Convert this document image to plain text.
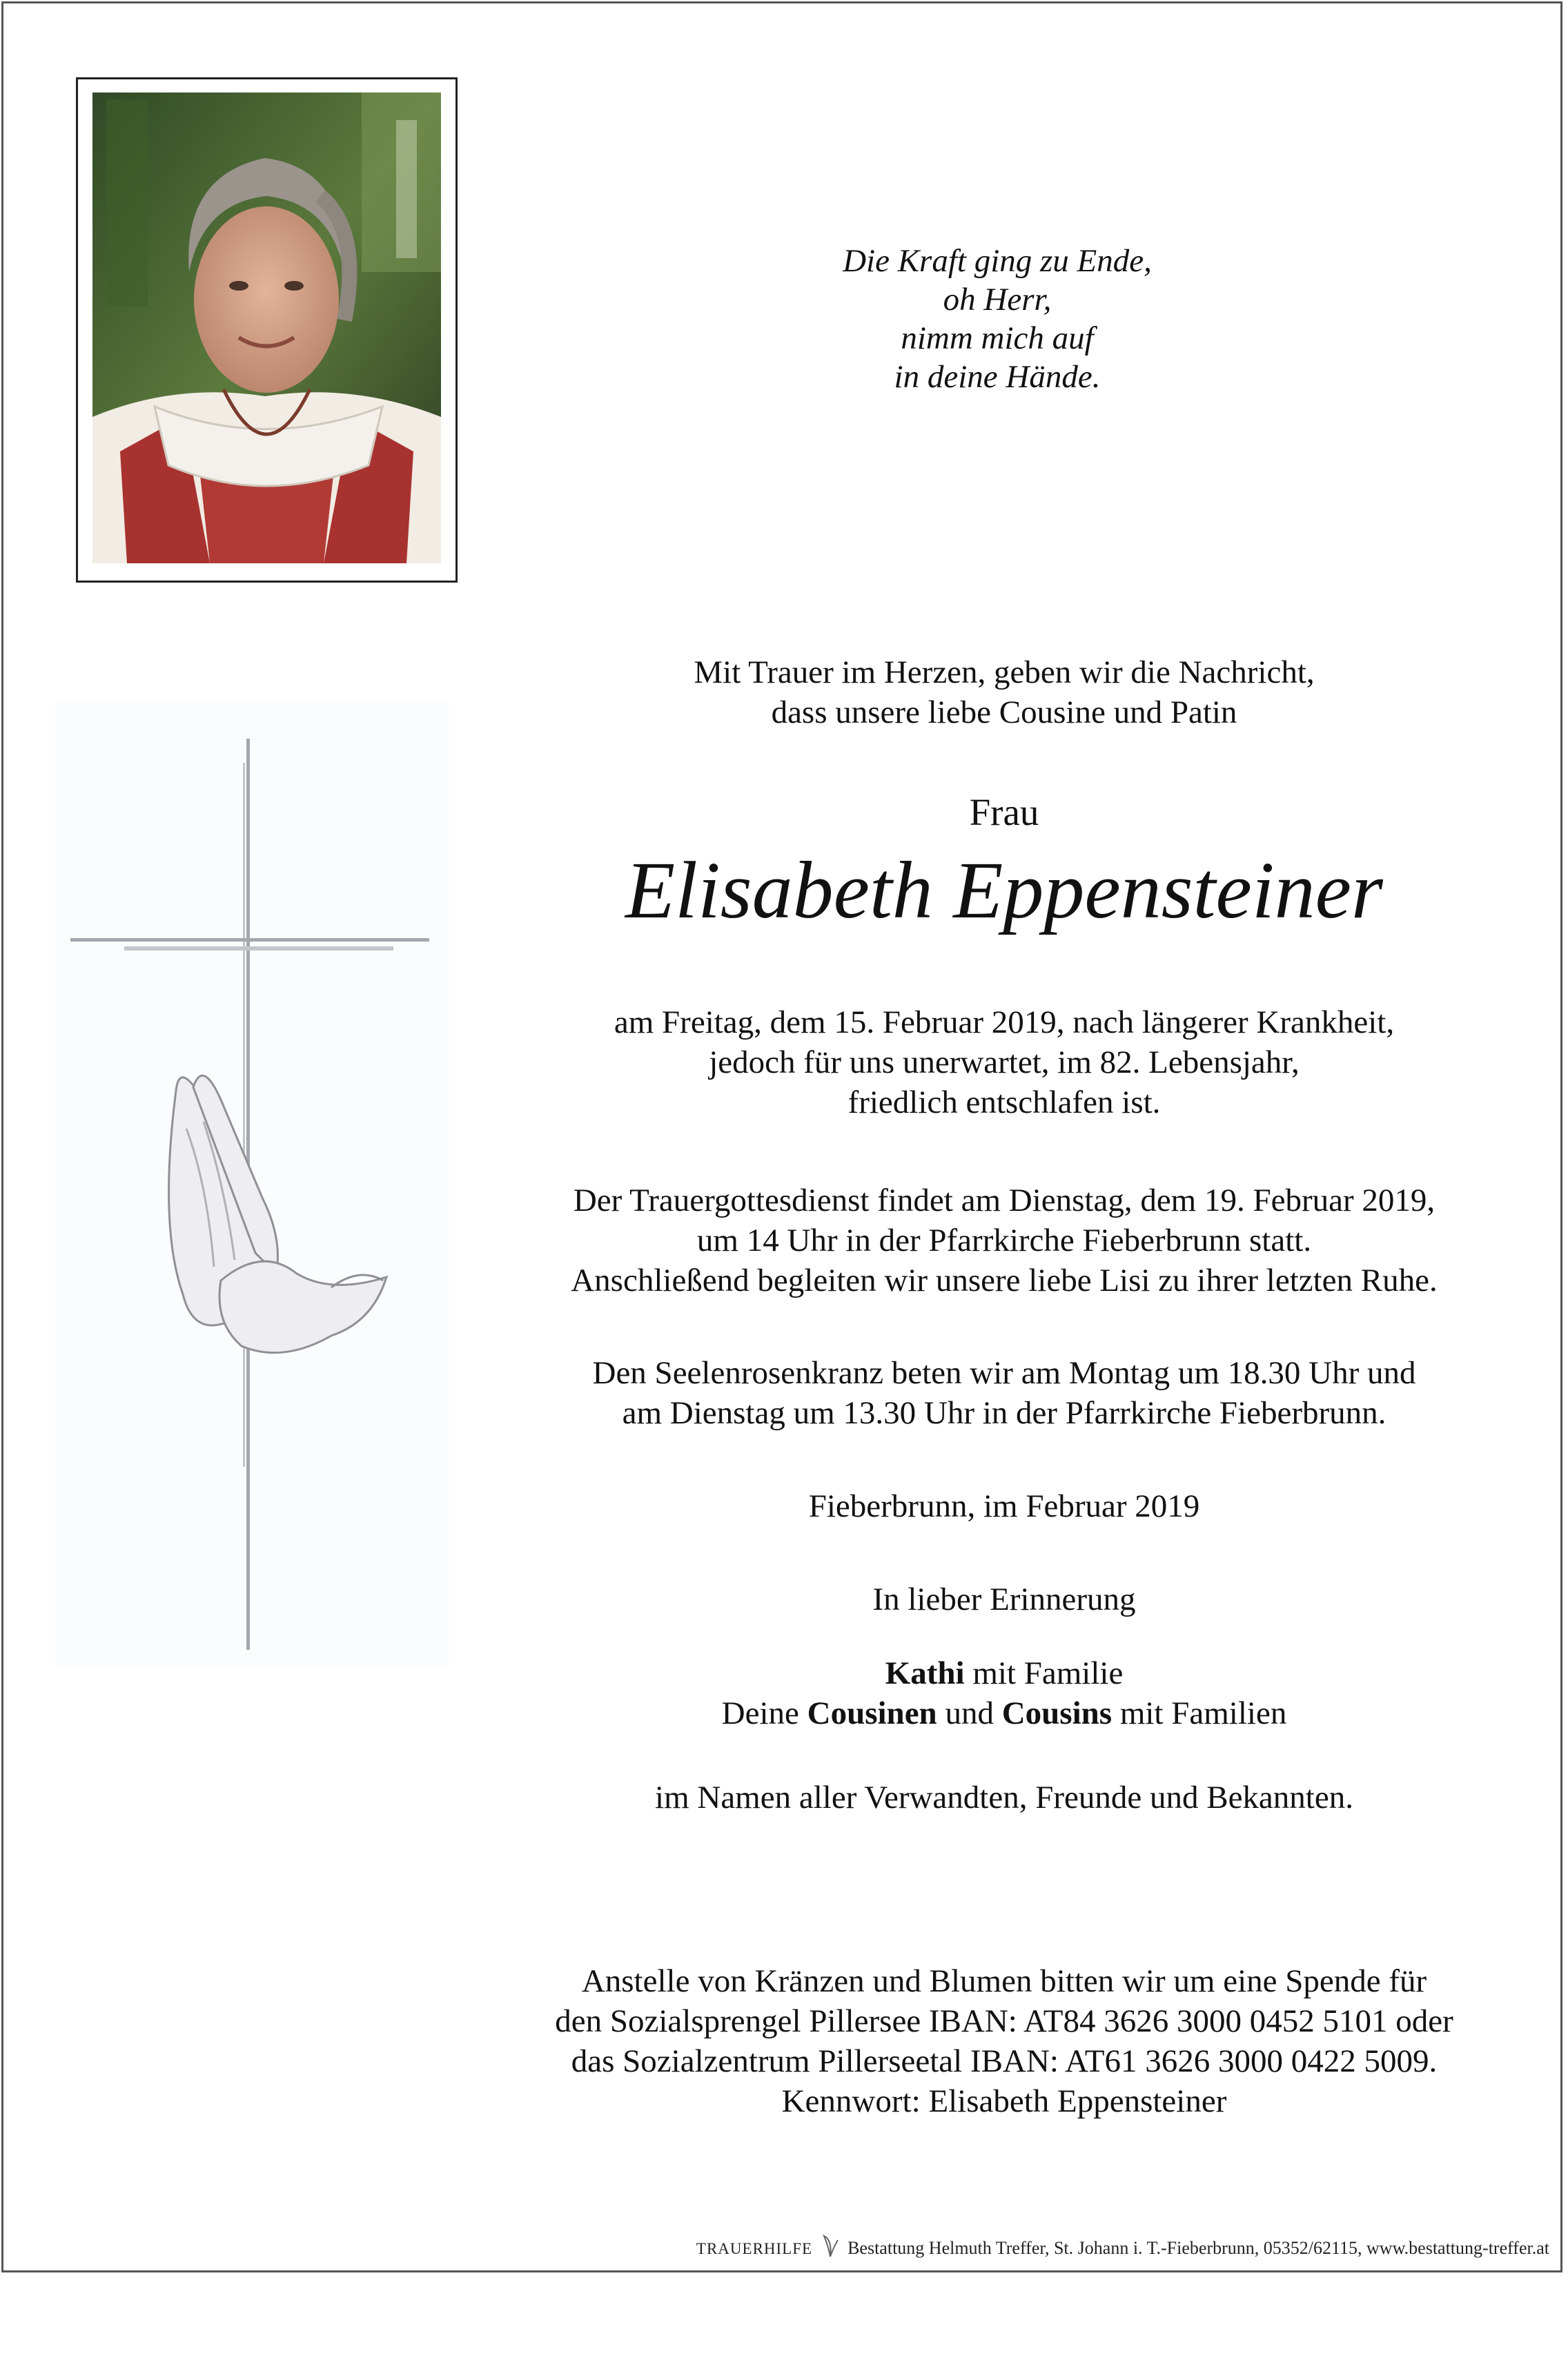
Die Kraft ging zu Ende,
oh Herr,
nimm mich auf
in deine Hände.
Mit Trauer im Herzen, geben wir die Nachricht,
dass unsere liebe Cousine und Patin
Frau
Elisabeth Eppensteiner
am Freitag, dem 15. Februar 2019, nach längerer Krankheit,
jedoch für uns unerwartet, im 82. Lebensjahr,
friedlich entschlafen ist.
Der Trauergottesdienst findet am Dienstag, dem 19. Februar 2019,
um 14 Uhr in der Pfarrkirche Fieberbrunn statt.
Anschließend begleiten wir unsere liebe Lisi zu ihrer letzten Ruhe.
Den Seelenrosenkranz beten wir am Montag um 18.30 Uhr und
am Dienstag um 13.30 Uhr in der Pfarrkirche Fieberbrunn.
Fieberbrunn, im Februar 2019
In lieber Erinnerung
Kathi mit Familie
Deine Cousinen und Cousins mit Familien
im Namen aller Verwandten, Freunde und Bekannten.
Anstelle von Kränzen und Blumen bitten wir um eine Spende für
den Sozialsprengel Pillersee IBAN: AT84 3626 3000 0452 5101 oder
das Sozialzentrum Pillerseetal IBAN: AT61 3626 3000 0422 5009.
Kennwort: Elisabeth Eppensteiner
TRAUERHILFE Bestattung Helmuth Treffer, St. Johann i. T.-Fieberbrunn, 05352/62115, www.bestattung-treffer.at
